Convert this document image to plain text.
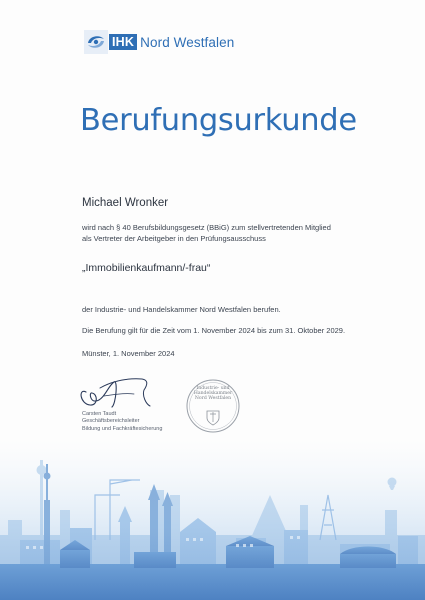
IHK Nord Westfalen
Berufungsurkunde

Michael Wronker

wird nach § 40 Berufsbildungsgesetz (BBiG) zum stellvertretenden Mitglied

als Vertreter der Arbeitgeber in den Prüfungsausschuss

„Immobilienkaufmann/-frau“

der Industrie- und Handelskammer Nord Westfalen berufen.

Die Berufung gilt für die Zeit vom 1. November 2024 bis zum 31. Oktober 2029.

Münster, 1. November 2024

Carsten Taudt

Geschäftsbereichsleiter

Bildung und Fachkräftesicherung

Industrie- und
Handelskammer
Nord Westfalen
